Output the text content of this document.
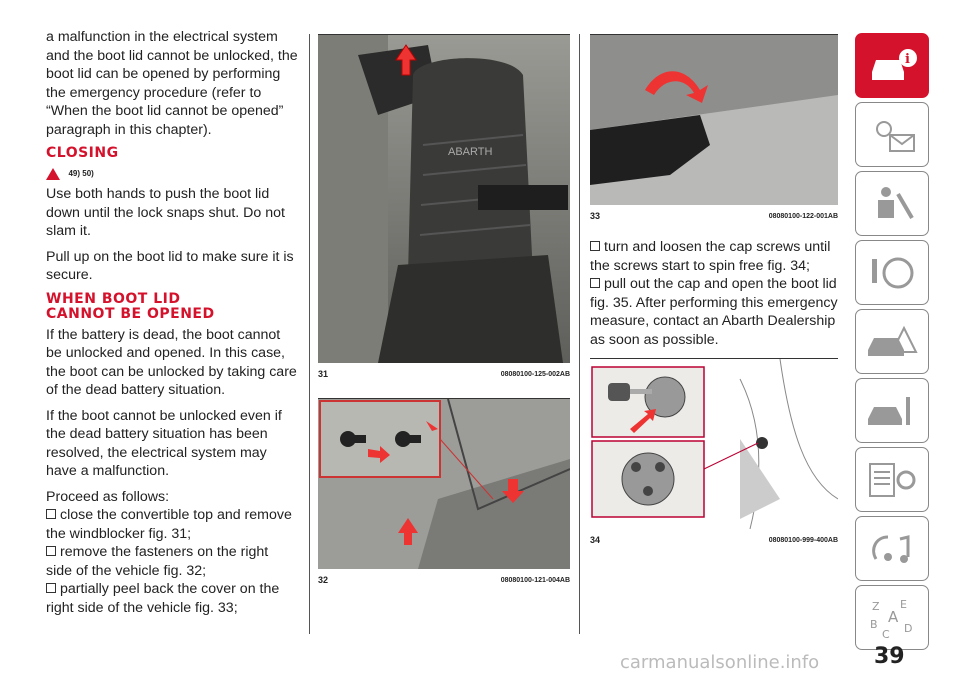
a malfunction in the electrical system and the boot lid cannot be unlocked, the boot lid can be opened by performing the emergency procedure (refer to “When the boot lid cannot be opened” paragraph in this chapter).

CLOSING
49) 50)

Use both hands to push the boot lid down until the lock snaps shut. Do not slam it.

Pull up on the boot lid to make sure it is secure.

WHEN BOOT LID
CANNOT BE OPENED

If the battery is dead, the boot cannot be unlocked and opened. In this case, the boot can be unlocked by taking care of the dead battery situation.

If the boot cannot be unlocked even if the dead battery situation has been resolved, the electrical system may have a malfunction.

Proceed as follows:

close the convertible top and remove the windblocker fig. 31;

remove the fasteners on the right side of the vehicle fig. 32;

partially peel back the cover on the right side of the vehicle fig. 33;

ABARTH
31	08080100-125-002AB
32	08080100-121-004AB
33	08080100-122-001AB

turn and loosen the cap screws until the screws start to spin free fig. 34;

pull out the cap and open the boot lid fig. 35. After performing this emergency measure, contact an Abarth Dealership as soon as possible.

34	08080100-999-400AB
i
Z E
A
B D
C
39
carmanualsonline.info
